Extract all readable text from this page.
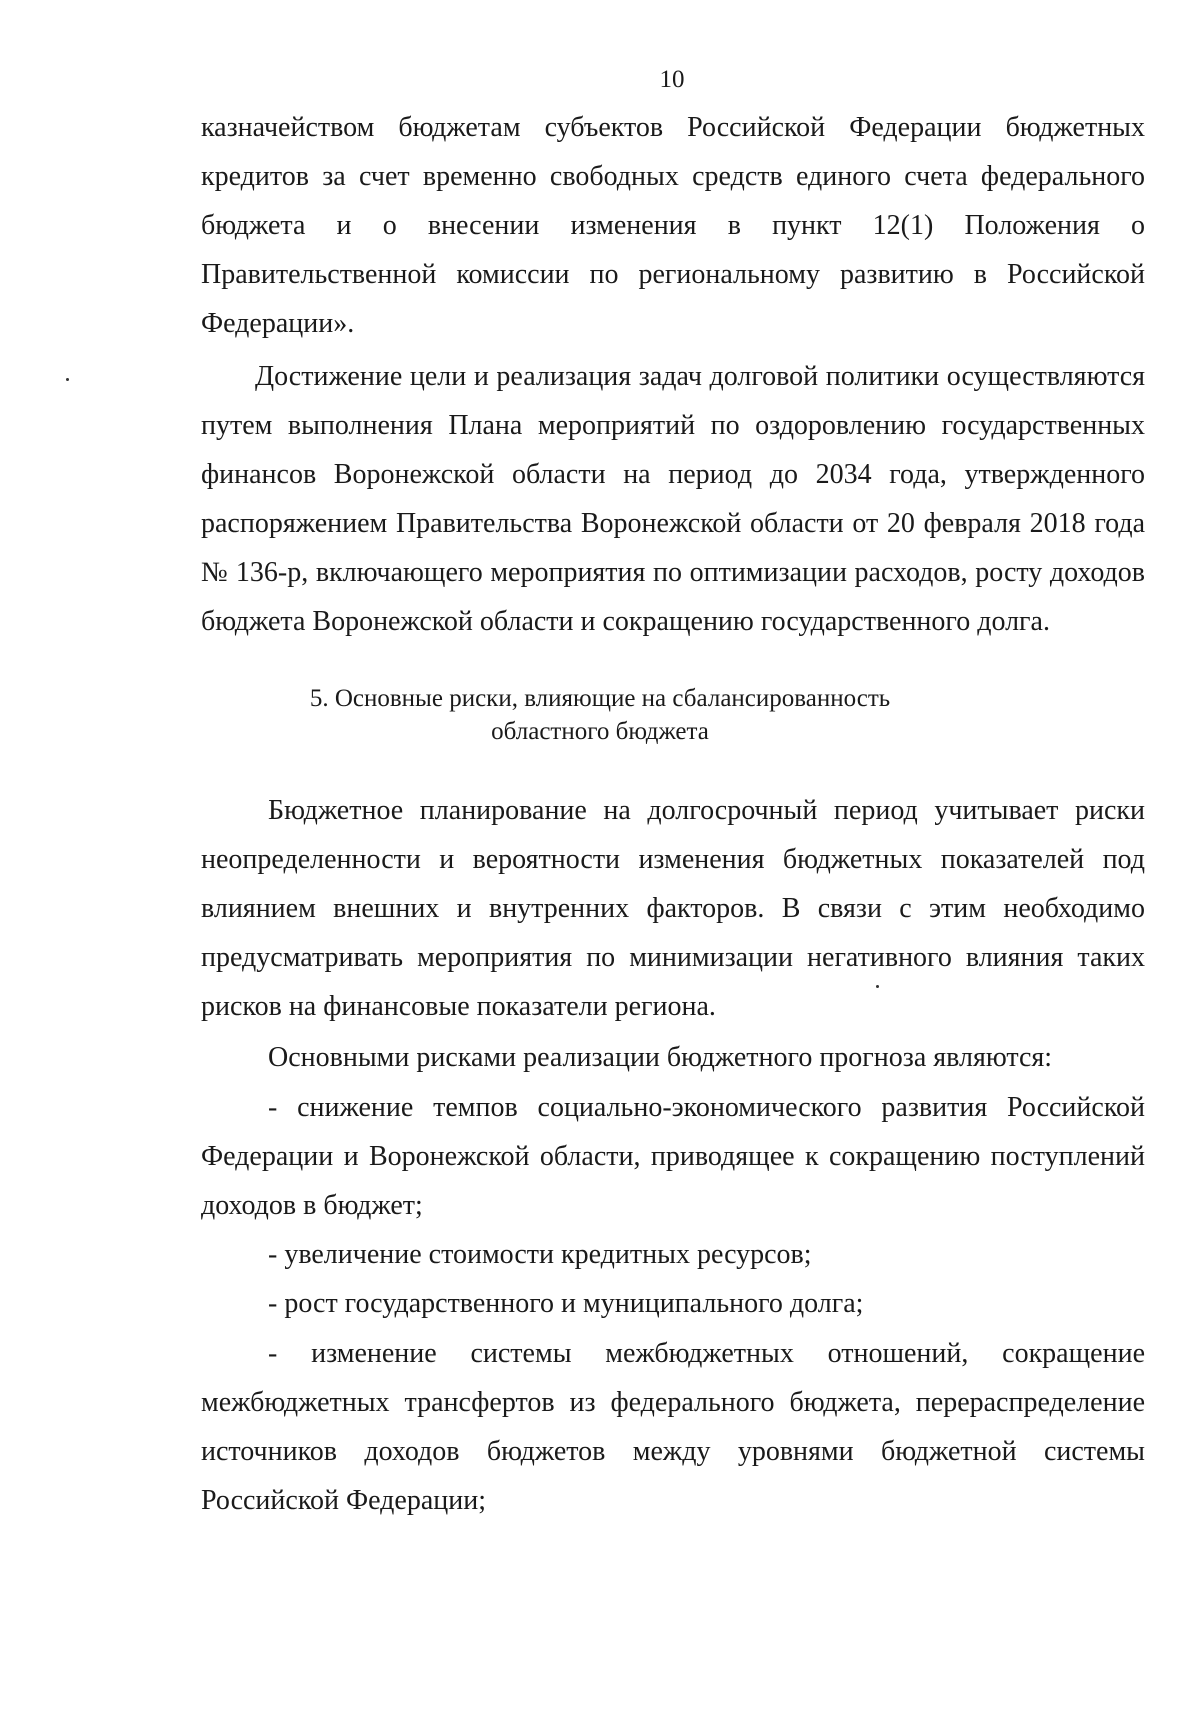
10
казначейством бюджетам субъектов Российской Федерации бюджетных кредитов за счет временно свободных средств единого счета федерального бюджета и о внесении изменения в пункт 12(1) Положения о Правительственной комиссии по региональному развитию в Российской Федерации».
Достижение цели и реализация задач долговой политики осуществляются путем выполнения Плана мероприятий по оздоровлению государственных финансов Воронежской области на период до 2034 года, утвержденного распоряжением Правительства Воронежской области от 20 февраля 2018 года № 136-р, включающего мероприятия по оптимизации расходов, росту доходов бюджета Воронежской области и сокращению государственного долга.
5. Основные риски, влияющие на сбалансированность
областного бюджета
Бюджетное планирование на долгосрочный период учитывает риски неопределенности и вероятности изменения бюджетных показателей под влиянием внешних и внутренних факторов. В связи с этим необходимо предусматривать мероприятия по минимизации негативного влияния таких рисков на финансовые показатели региона.
Основными рисками реализации бюджетного прогноза являются:
- снижение темпов социально-экономического развития Российской Федерации и Воронежской области, приводящее к сокращению поступлений доходов в бюджет;
- увеличение стоимости кредитных ресурсов;
- рост государственного и муниципального долга;
- изменение системы межбюджетных отношений, сокращение межбюджетных трансфертов из федерального бюджета, перераспределение источников доходов бюджетов между уровнями бюджетной системы Российской Федерации;
